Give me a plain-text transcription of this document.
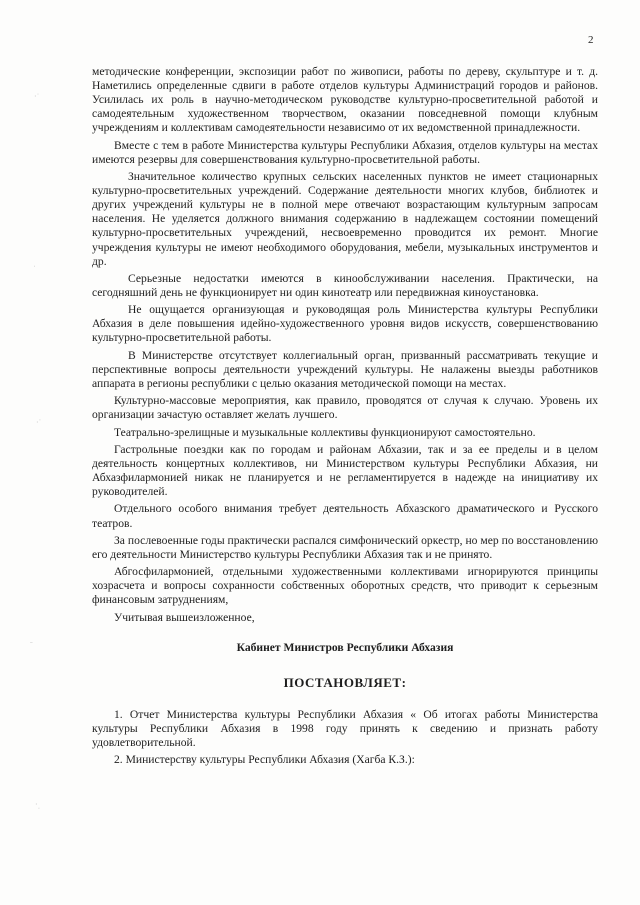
2
·˙
ˌ
·ˈ
ˉ
·ˌ

методические конференции, экспозиции работ по живописи, работы по дереву, скульптуре и т. д. Наметились определенные сдвиги в работе отделов культуры Администраций городов и районов. Усилилась их роль в научно-методическом руководстве культурно-просветительной работой и самодеятельным художественном творчеством, оказании повседневной помощи клубным учреждениям и коллективам самодеятельности независимо от их ведомственной принадлежности.

Вместе с тем в работе Министерства культуры Республики Абхазия, отделов культуры на местах имеются резервы для совершенствования культурно-просветительной работы.

Значительное количество крупных сельских населенных пунктов не имеет стационарных культурно-просветительных учреждений. Содержание деятельности многих клубов, библиотек и других учреждений культуры не в полной мере отвечают возрастающим культурным запросам населения. Не уделяется должного внимания содержанию в надлежащем состоянии помещений культурно-просветительных учреждений, несвоевременно проводится их ремонт. Многие учреждения культуры не имеют необходимого оборудования, мебели, музыкальных инструментов и др.

Серьезные недостатки имеются в кинообслуживании населения. Практически, на сегодняшний день не функционирует ни один кинотеатр или передвижная киноустановка.

Не ощущается организующая и руководящая роль Министерства культуры Республики Абхазия в деле повышения идейно-художественного уровня видов искусств, совершенствованию культурно-просветительной работы.

В Министерстве отсутствует коллегиальный орган, призванный рассматривать текущие и перспективные вопросы деятельности учреждений культуры. Не налажены выезды работников аппарата в регионы республики с целью оказания методической помощи на местах.

Культурно-массовые мероприятия, как правило, проводятся от случая к случаю. Уровень их организации зачастую оставляет желать лучшего.

Театрально-зрелищные и музыкальные коллективы функционируют самостоятельно.

Гастрольные поездки как по городам и районам Абхазии, так и за ее пределы и в целом деятельность концертных коллективов, ни Министерством культуры Республики Абхазия, ни Абхазфилармонией никак не планируется и не регламентируется в надежде на инициативу их руководителей.

Отдельного особого внимания требует деятельность Абхазского драматического и Русского театров.

За послевоенные годы практически распался симфонический оркестр, но мер по восстановлению его деятельности Министерство культуры Республики Абхазия так и не принято.

Абгосфилармонией, отдельными художественными коллективами игнорируются принципы хозрасчета и вопросы сохранности собственных оборотных средств, что приводит к серьезным финансовым затруднениям,

Учитывая вышеизложенное,

Кабинет Министров Республики Абхазия
ПОСТАНОВЛЯЕТ:

1. Отчет Министерства культуры Республики Абхазия « Об итогах работы Министерства культуры Республики Абхазия в 1998 году принять к сведению и признать работу удовлетворительной.

2. Министерству культуры Республики Абхазия (Хагба К.З.):
